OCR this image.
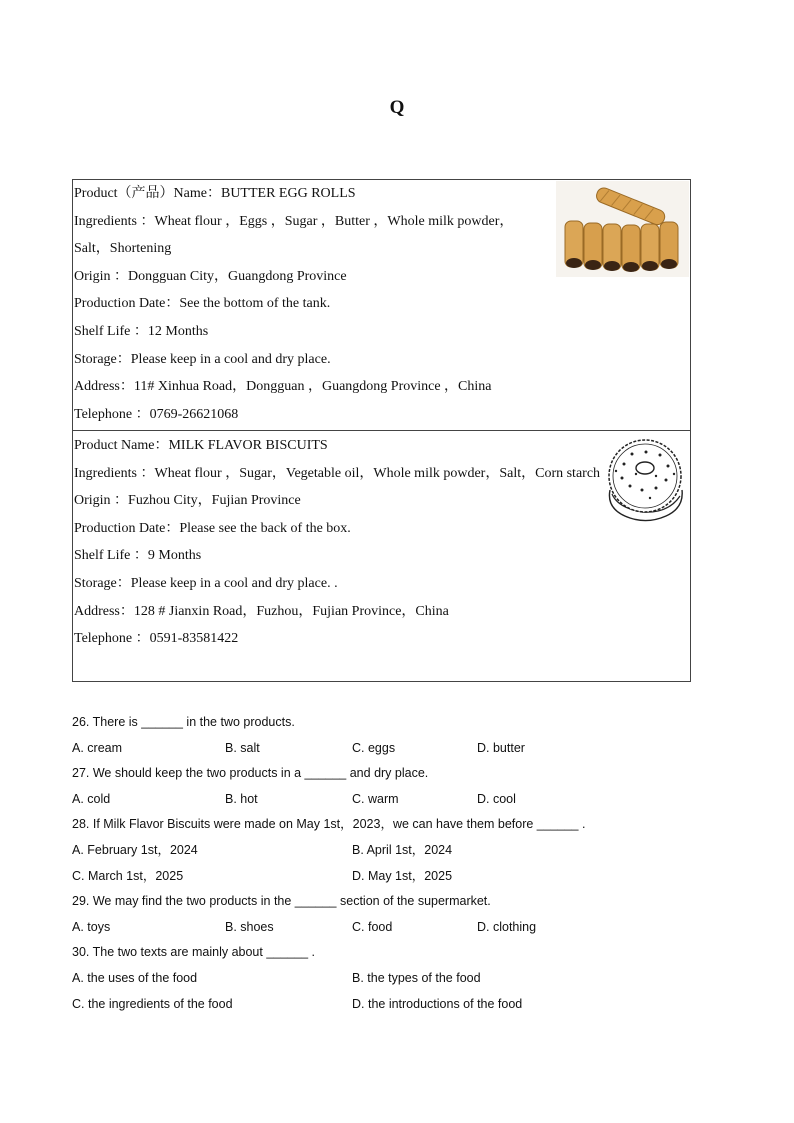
Q
Product（产品）Name：BUTTER EGG ROLLS
Ingredients ：Wheat flour ，Eggs ，Sugar ，Butter ，Whole milk powder，
Salt，Shortening
Origin ：Dongguan City，Guangdong Province
Production Date：See the bottom of the tank.
Shelf Life ：12 Months
Storage：Please keep in a cool and dry place.
Address：11# Xinhua Road，Dongguan ，Guangdong Province ，China
Telephone ：0769-26621068
Product Name：MILK FLAVOR BISCUITS
Ingredients ：Wheat flour ，Sugar，Vegetable oil，Whole milk powder，Salt，Corn starch
Origin ：Fuzhou City，Fujian Province
Production Date：Please see the back of the box.
Shelf Life ：9 Months
Storage：Please keep in a cool and dry place. .
Address：128 # Jianxin Road，Fuzhou，Fujian Province，China
Telephone ：0591-83581422
26. There is ______ in the two products.
A. cream	B. salt	C. eggs	D. butter
27. We should keep the two products in a ______ and dry place.
A. cold	B. hot	C. warm	D. cool
28. If Milk Flavor Biscuits were made on May 1st，2023，we can have them before ______ .
A. February 1st，2024	B. April 1st，2024
C. March 1st，2025	D. May 1st，2025
29. We may find the two products in the ______ section of the supermarket.
A. toys	B. shoes	C. food	D. clothing
30. The two texts are mainly about ______ .
A. the uses of the food	B. the types of the food
C. the ingredients of the food	D. the introductions of the food
